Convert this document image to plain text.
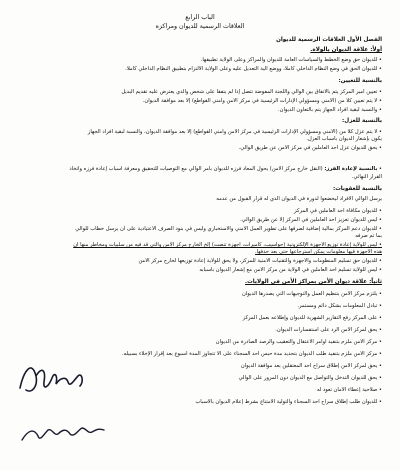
الباب الرابع
العلاقات الرسمية للديوان ومراكزه
الفصل الأول العلاقات الرسمية للديوان
أولاً: علاقة الديوان بالولاة.
• للديوان حق وضع الخطط والسياسات العامة للديوان والمراكز وعلى الولاية تطبيقها.
• للديوان الحق في وضع النظام الداخلي كاملاً، ووضع آلية التعديل عليه وعلى الولاية الالتزام بتطبيق النظام الداخلي كاملاً.
بالنسبة للتعيين:
• تعيين أمير المركز يتم بالاتفاق بين الوالي واللجنة المفوضة تتصل إذا لم يتفقا على شخص والذي يعترض عليه تقديم البديل
• لا يتم تعيين كلاً من (الأمني ومسؤولي الإدارات الرئيسية في مركز الأمن وأمني القواطع) إلا بعد موافقة الديوان.
• والنسبة لبقية أفراد الجهاز يتم بالتعاون الديوان.
بالنسبة للعزل:
• لا يتم عزل كلاً من (الأمني ومسؤولي الإدارات الرئيسية في مركز الأمن وأمني القواطع) إلا بعد موافقة الديوان، والنسبة لبقية أفراد الجهاز
يكون بإشعار الديوان بأسباب العزل.
• يحق للديوان عزل أحد العاملين في مركز الأمن عن طريق الوالي.
• بالنسبة لإعادة الفرز: (النقل خارج مركز الأمن) يحول المعاد فرزه للديوان بأمر الوالي مع التوصيات للتحقيق ومعرفة أسباب إعادة فرزه واتخاذ
القرار النهائي.
بالنسبة للعقوبات:
يرسل الوالي الأفراد ليخضعوا لدورة في الديوان الذي له قرار القبول من عدمه
• للديوان مكافأة أحد العاملين في المركز
• ليس للديوان تعزيز أحد العاملين في المركز إلا عن طريق الوالي.
• للديوان دعم المركز بمالية إضافية لصرفها على تطوير العمل الأمني والاستخباري وليس في بنود الصرف الاعتيادية على أن يرسل خطاب للوالي
بما تم صرفه
• ليس للولاية إعادة توزيع الأجهزة الإلكترونية (حواسيب، كاميرات، أجهزة تنصت) إلخ الخارج مركز الأمن والتي قد فيه من سلبيات ومخاطر منها أن
هذه الأجهزة فيها معلومات يمكن استرجاعها حتى بعد حذفها.
• للديوان حق تسليم المنظومات والأجهزة والتقنيات الأمنية للمركز، ولا يحق للولاية إعادة توزيعها لخارج مركز الأمن
• ليس للولاية تسليم أحد العاملين في الولاية من مركز الأمن مع إشعار الديوان بأسبابه
ثانياً: علاقة ديوان الأمن بمراكز الأمن في الولايات.
• يلتزم مركز الأمن بتنظيم العمل والتوجيهات التي يصدرها الديوان
• تبادل المعلومات بشكل دائم ومستمر.
• على المركز رفع التقارير الشهرية للديوان وإطلاعه بعمل المركز
• يحق لمركز الأمن الرد على استفسارات الديوان.
• مركز الأمن ملزم بتنفيذ أوامر الاعتقال والتعقيب والرصد الصادرة من الديوان
• مركز الأمن ملزم بتنفيذ طلب الديوان بتحديد مدة حبس أحد السجناء على ألا تتجاوز المدة أسبوع بعد إقرار الإخلاء بسبيله.
• يحق لمركز الأمن إطلاق سراح أحد المعتقلين بعد موافقة الديوان
• يحق للديوان التدخل والتواصل مع الديوان دون المرور على الوالي
• صلاحية إعطاء الأمان تعود له
• للديوان طلب إطلاق سراح أحد السجناء والتولية الامتناع بشرط إعلام الديوان بالأسباب
